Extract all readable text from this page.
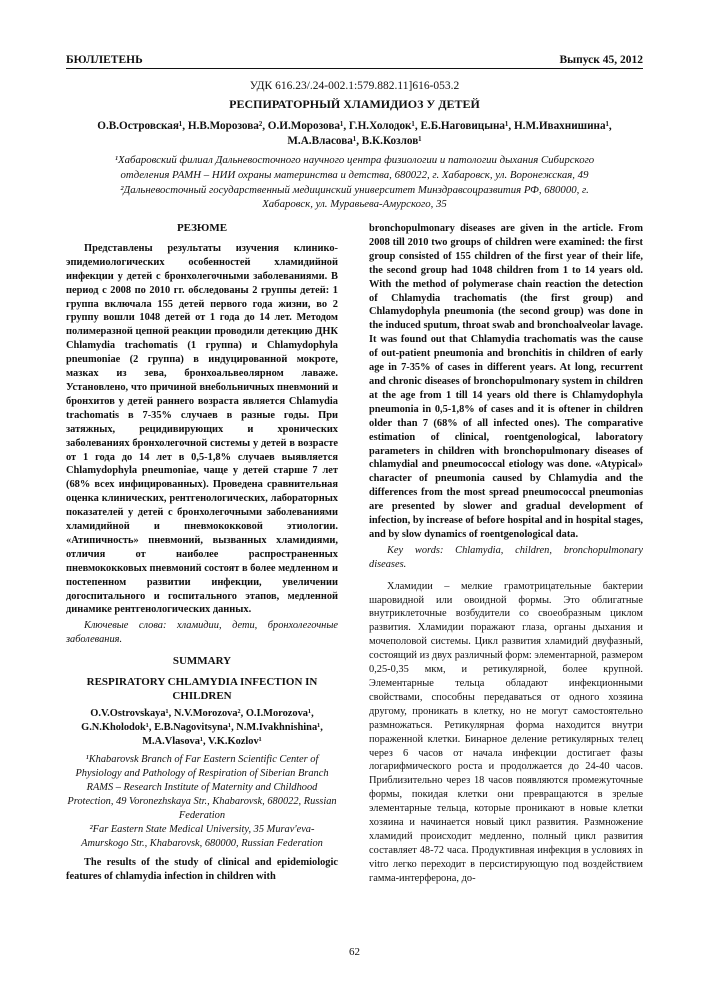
БЮЛЛЕТЕНЬ	Выпуск 45, 2012
УДК 616.23/.24-002.1:579.882.11]616-053.2
РЕСПИРАТОРНЫЙ ХЛАМИДИОЗ У ДЕТЕЙ
О.В.Островская¹, Н.В.Морозова², О.И.Морозова¹, Г.Н.Холодок¹, Е.Б.Наговицына¹, Н.М.Ивахнишина¹, М.А.Власова¹, В.К.Козлов¹
¹Хабаровский филиал Дальневосточного научного центра физиологии и патологии дыхания Сибирского отделения РАМН – НИИ охраны материнства и детства, 680022, г. Хабаровск, ул. Воронежская, 49
²Дальневосточный государственный медицинский университет Минздравсоцразвития РФ, 680000, г. Хабаровск, ул. Муравьева-Амурского, 35
РЕЗЮМЕ

Представлены результаты изучения клинико-эпидемиологических особенностей хламидийной инфекции у детей с бронхолегочными заболеваниями. В период с 2008 по 2010 гг. обследованы 2 группы детей: 1 группа включала 155 детей первого года жизни, во 2 группу вошли 1048 детей от 1 года до 14 лет. Методом полимеразной цепной реакции проводили детекцию ДНК Chlamydia trachomatis (1 группа) и Chlamydophyla pneumoniae (2 группа) в индуцированной мокроте, мазках из зева, бронхоальвеолярном лаваже. Установлено, что причиной внебольничных пневмоний и бронхитов у детей раннего возраста является Chlamydia trachomatis в 7-35% случаев в разные годы. При затяжных, рецидивирующих и хронических заболеваниях бронхолегочной системы у детей в возрасте от 1 года до 14 лет в 0,5-1,8% случаев выявляется Chlamydophyla pneumoniae, чаще у детей старше 7 лет (68% всех инфицированных). Проведена сравнительная оценка клинических, рентгенологических, лабораторных показателей у детей с бронхолегочными заболеваниями хламидийной и пневмококковой этиологии. «Атипичность» пневмоний, вызванных хламидиями, отличия от наиболее распространенных пневмококковых пневмоний состоят в более медленном и постепенном развитии инфекции, увеличении догоспитального и госпитального этапов, медленной динамике рентгенологических данных.

Ключевые слова: хламидии, дети, бронхолегочные заболевания.

SUMMARY
RESPIRATORY CHLAMYDIA INFECTION IN CHILDREN
O.V.Ostrovskaya¹, N.V.Morozova², O.I.Morozova¹, G.N.Kholodok¹, E.B.Nagovitsyna¹, N.M.Ivakhnishina¹, M.A.Vlasova¹, V.K.Kozlov¹
¹Khabarovsk Branch of Far Eastern Scientific Center of Physiology and Pathology of Respiration of Siberian Branch RAMS – Research Institute of Maternity and Childhood Protection, 49 Voronezhskaya Str., Khabarovsk, 680022, Russian Federation
²Far Eastern State Medical University, 35 Murav'eva-Amurskogo Str., Khabarovsk, 680000, Russian Federation

The results of the study of clinical and epidemiologic features of chlamydia infection in children with

bronchopulmonary diseases are given in the article. From 2008 till 2010 two groups of children were examined: the first group consisted of 155 children of the first year of their life, the second group had 1048 children from 1 to 14 years old. With the method of polymerase chain reaction the detection of Chlamydia trachomatis (the first group) and Chlamydophyla pneumonia (the second group) was done in the induced sputum, throat swab and bronchoalveolar lavage. It was found out that Chlamydia trachomatis was the cause of out-patient pneumonia and bronchitis in children of early age in 7-35% of cases in different years. At long, recurrent and chronic diseases of bronchopulmonary system in children at the age from 1 till 14 years old there is Chlamydophyla pneumonia in 0,5-1,8% of cases and it is oftener in children older than 7 (68% of all infected ones). The comparative estimation of clinical, roentgenological, laboratory parameters in children with bronchopulmonary diseases of chlamydial and pneumococcal etiology was done. «Atypical» character of pneumonia caused by Chlamydia and the differences from the most spread pneumococcal pneumonias are presented by slower and gradual development of infection, by increase of before hospital and in hospital stages, and by slow dynamics of roentgenological data.

Key words: Chlamydia, children, bronchopulmonary diseases.

Хламидии – мелкие грамотрицательные бактерии шаровидной или овоидной формы. Это облигатные внутриклеточные возбудители со своеобразным циклом развития. Хламидии поражают глаза, органы дыхания и мочеполовой системы. Цикл развития хламидий двуфазный, состоящий из двух различный форм: элементарной, размером 0,25-0,35 мкм, и ретикулярной, более крупной. Элементарные тельца обладают инфекционными свойствами, способны передаваться от одного хозяина другому, проникать в клетку, но не могут самостоятельно размножаться. Ретикулярная форма находится внутри пораженной клетки. Бинарное деление ретикулярных телец через 6 часов от начала инфекции достигает фазы логарифмического роста и продолжается до 24-40 часов. Приблизительно через 18 часов появляются промежуточные формы, покидая клетки они превращаются в зрелые элементарные тельца, которые проникают в новые клетки хозяина и начинается новый цикл развития. Размножение хламидий происходит медленно, полный цикл развития составляет 48-72 часа. Продуктивная инфекция в условиях in vitro легко переходит в персистирующую под воздействием гамма-интерферона, до-

62
